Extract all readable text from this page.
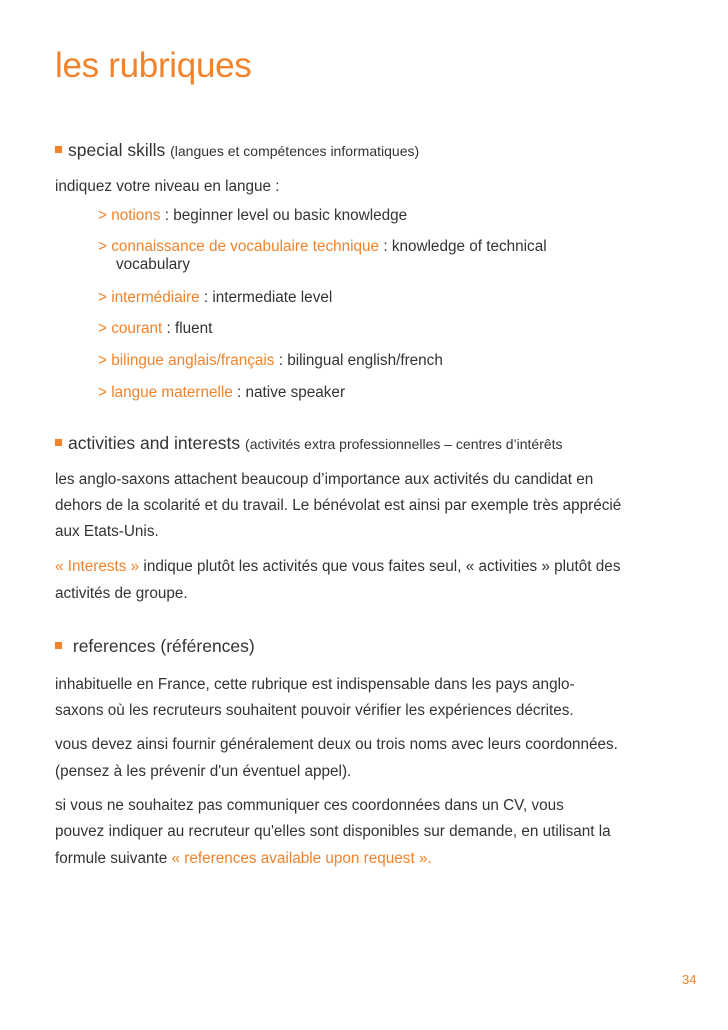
les rubriques
special skills (langues et compétences informatiques)

indiquez votre niveau en langue :

> notions : beginner level ou basic knowledge

> connaissance de vocabulaire technique : knowledge of technical
vocabulary

> intermédiaire : intermediate level

> courant : fluent

> bilingue anglais/français : bilingual english/french

> langue maternelle : native speaker

activities and interests (activités extra professionnelles – centres d’intérêts

les anglo-saxons attachent beaucoup d’importance aux activités du candidat en

dehors de la scolarité et du travail. Le bénévolat est ainsi par exemple très apprécié

aux Etats-Unis.

« Interests » indique plutôt les activités que vous faites seul, « activities » plutôt des

activités de groupe.

references (références)

inhabituelle en France, cette rubrique est indispensable dans les pays anglo-

saxons où les recruteurs souhaitent pouvoir vérifier les expériences décrites.

vous devez ainsi fournir généralement deux ou trois noms avec leurs coordonnées.

(pensez à les prévenir d'un éventuel appel).

si vous ne souhaitez pas communiquer ces coordonnées dans un CV, vous

pouvez indiquer au recruteur qu'elles sont disponibles sur demande, en utilisant la

formule suivante « references available upon request ».

34
